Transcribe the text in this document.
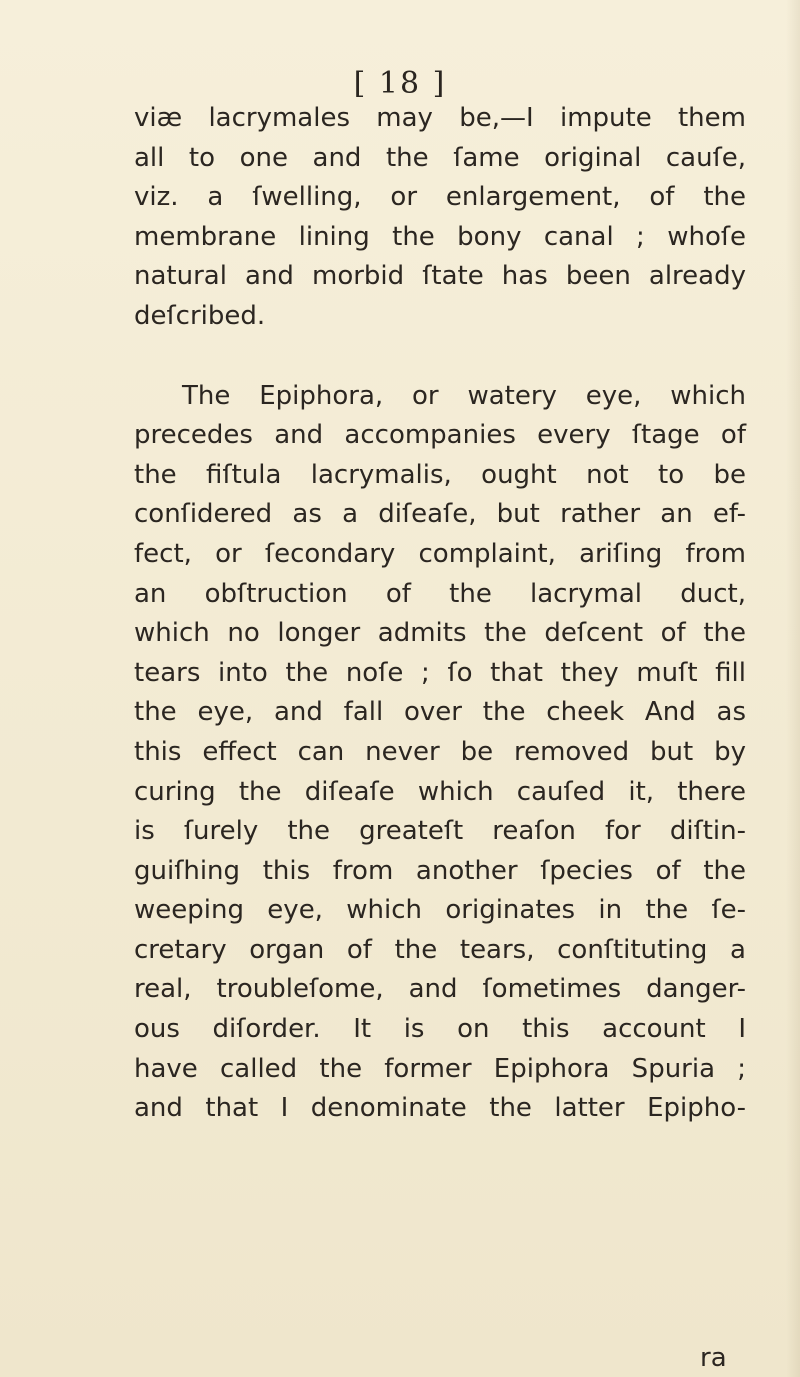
[ 18 ]
viæ lacrymales may be,—I impute them
all to one and the ſame original cauſe,
viz. a ſwelling, or enlargement, of the
membrane lining the bony canal ; whoſe
natural and morbid ſtate has been already
deſcribed.
The Epiphora, or watery eye, which
precedes and accompanies every ſtage of
the fiſtula lacrymalis, ought not to be
conſidered as a diſeaſe, but rather an ef-
fect, or ſecondary complaint, ariſing from
an obſtruction of the lacrymal duct,
which no longer admits the deſcent of the
tears into the noſe ; ſo that they muſt fill
the eye, and fall over the cheek And as
this effect can never be removed but by
curing the diſeaſe which cauſed it, there
is ſurely the greateſt reaſon for diſtin-
guiſhing this from another ſpecies of the
weeping eye, which originates in the ſe-
cretary organ of the tears, conſtituting a
real, troubleſome, and ſometimes danger-
ous diſorder. It is on this account I
have called the former Epiphora Spuria ;
and that I denominate the latter Epipho-
ra
